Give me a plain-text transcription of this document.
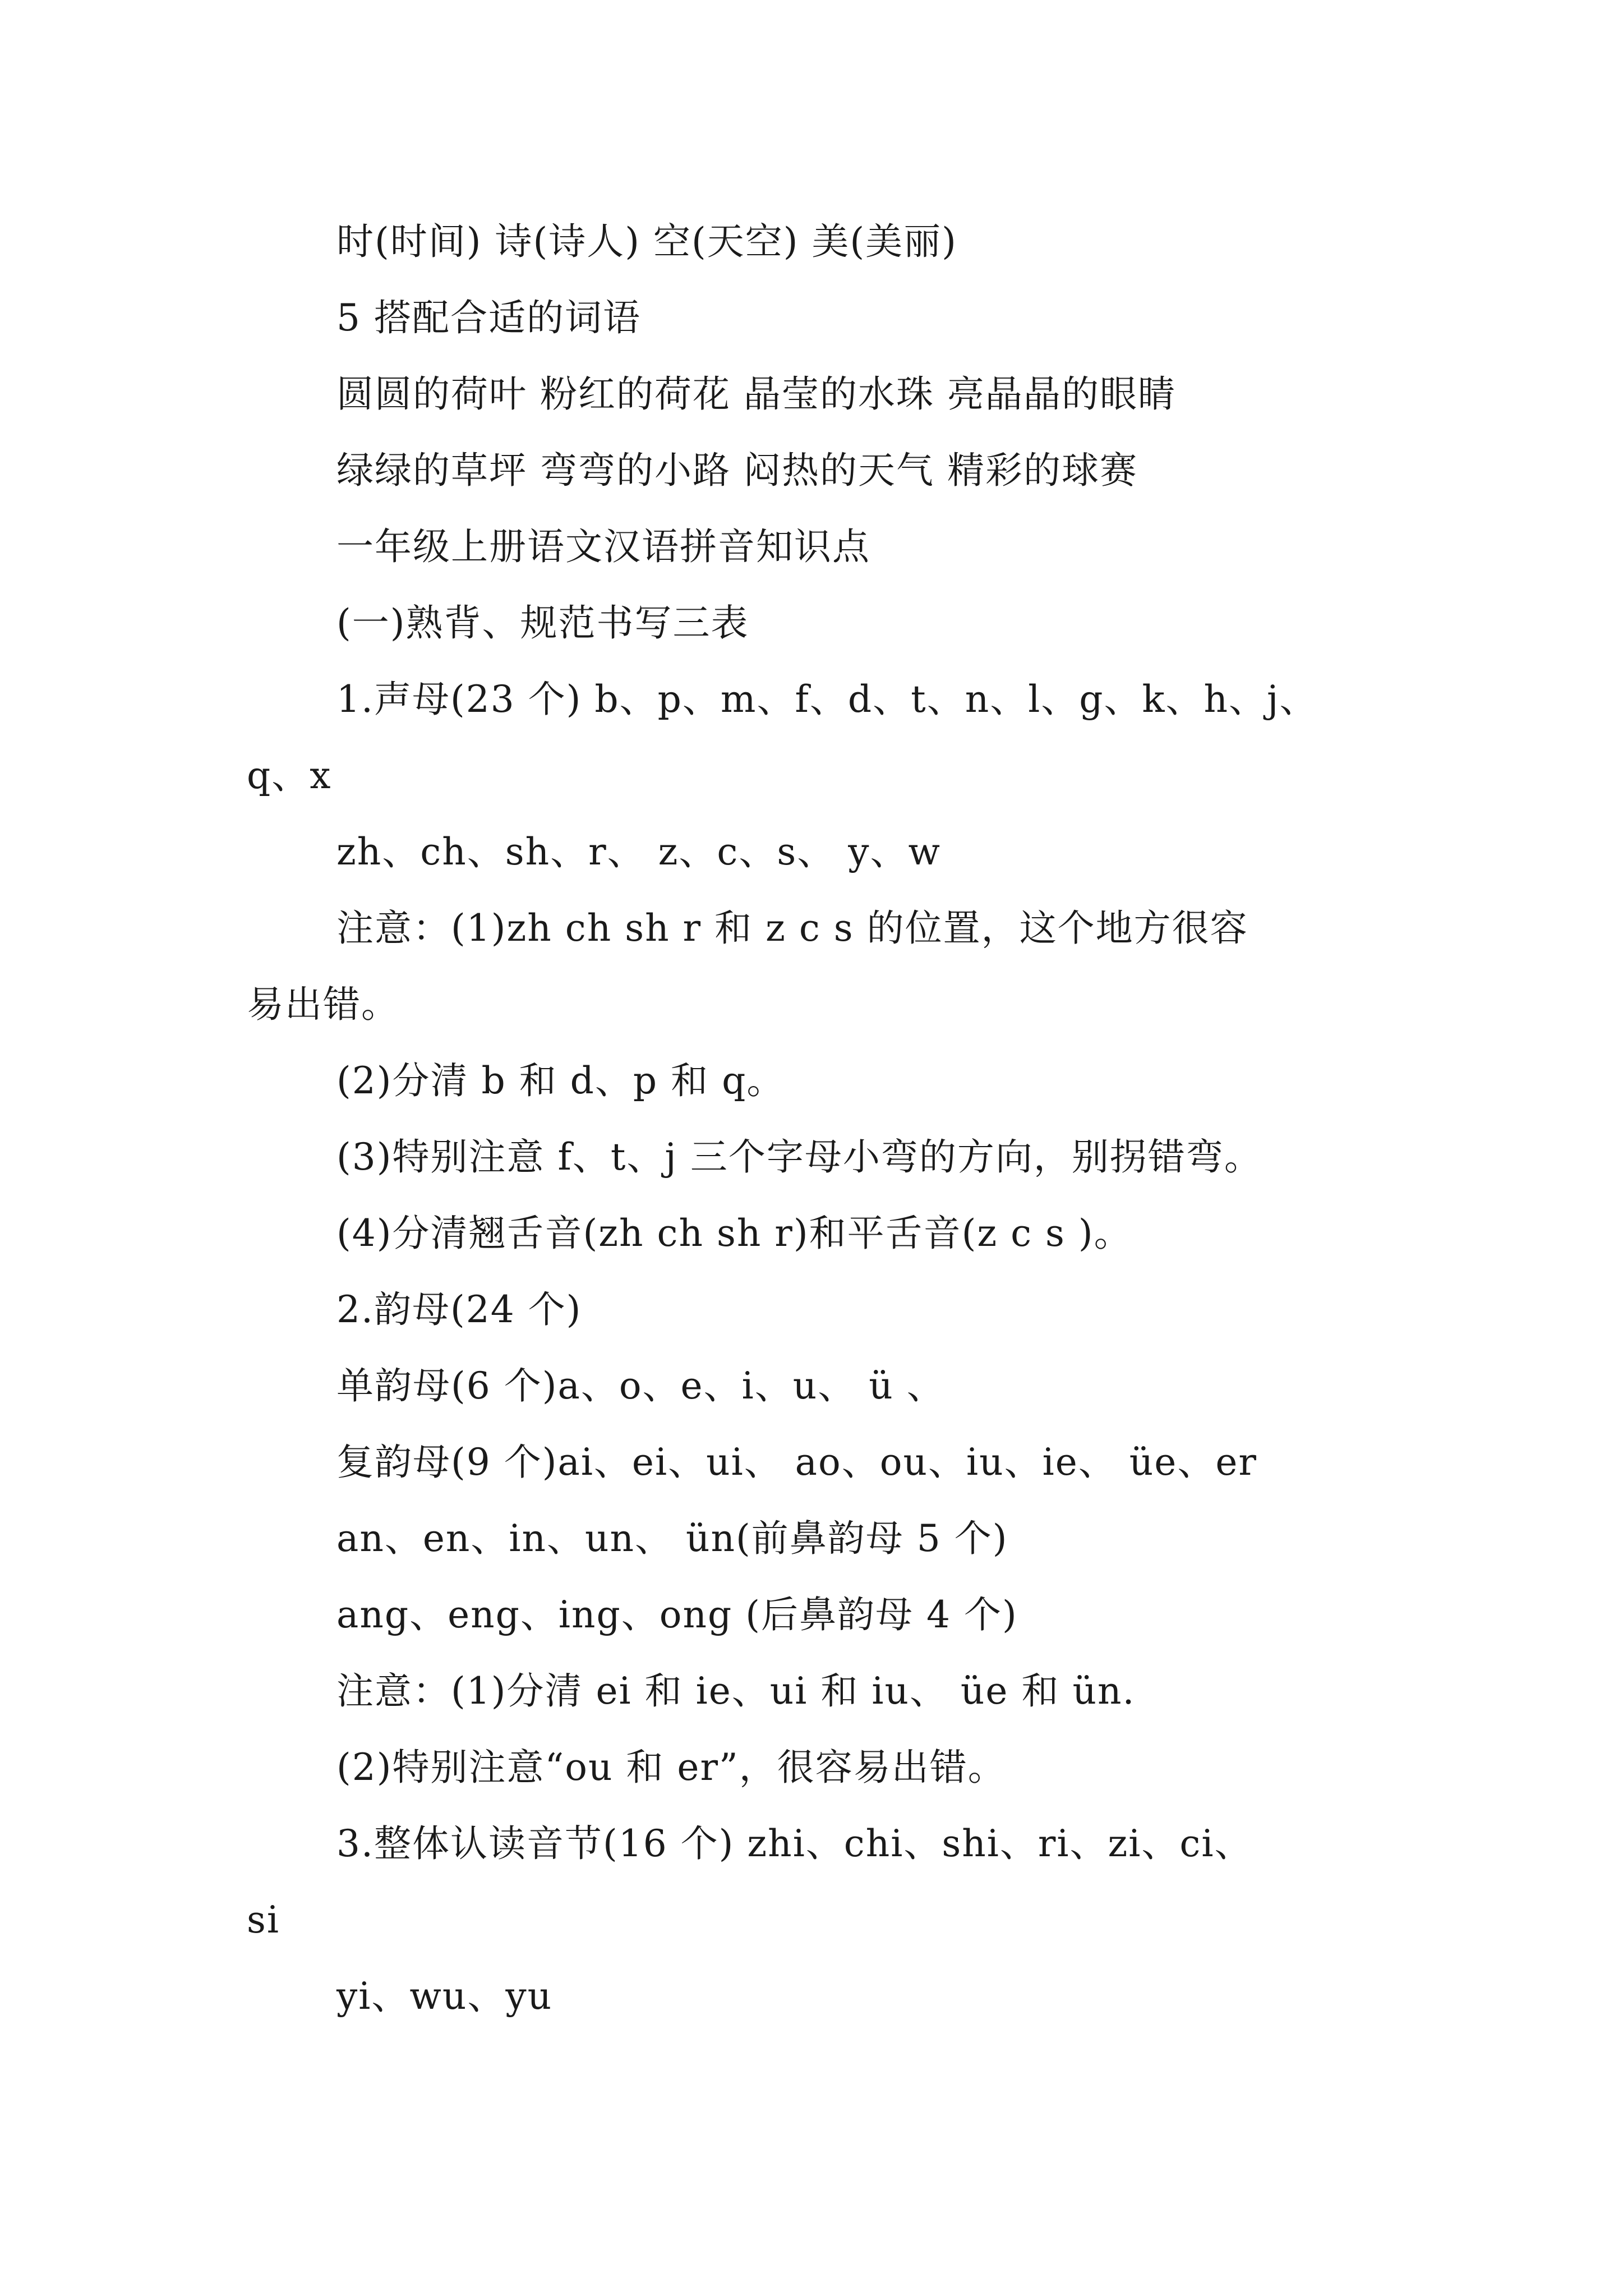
时(时间) 诗(诗人) 空(天空) 美(美丽)
5 搭配合适的词语
圆圆的荷叶 粉红的荷花 晶莹的水珠 亮晶晶的眼睛
绿绿的草坪 弯弯的小路 闷热的天气 精彩的球赛
一年级上册语文汉语拼音知识点
(一)熟背、规范书写三表
1.声母(23 个) b、p、m、f、d、t、n、l、g、k、h、j、
q、x
zh、ch、sh、r、 z、c、s、 y、w
注意：(1)zh ch sh r 和 z c s 的位置，这个地方很容
易出错。
(2)分清 b 和 d、p 和 q。
(3)特别注意 f、t、j 三个字母小弯的方向，别拐错弯。
(4)分清翘舌音(zh ch sh r)和平舌音(z c s )。
2.韵母(24 个)
单韵母(6 个)a、o、e、i、u、 ü 、
复韵母(9 个)ai、ei、ui、 ao、ou、iu、ie、 üe、er
an、en、in、un、 ün(前鼻韵母 5 个)
ang、eng、ing、ong (后鼻韵母 4 个)
注意：(1)分清 ei 和 ie、ui 和 iu、 üe 和 ün.
(2)特别注意“ou 和 er”，很容易出错。
3.整体认读音节(16 个) zhi、chi、shi、ri、zi、ci、
si
yi、wu、yu
